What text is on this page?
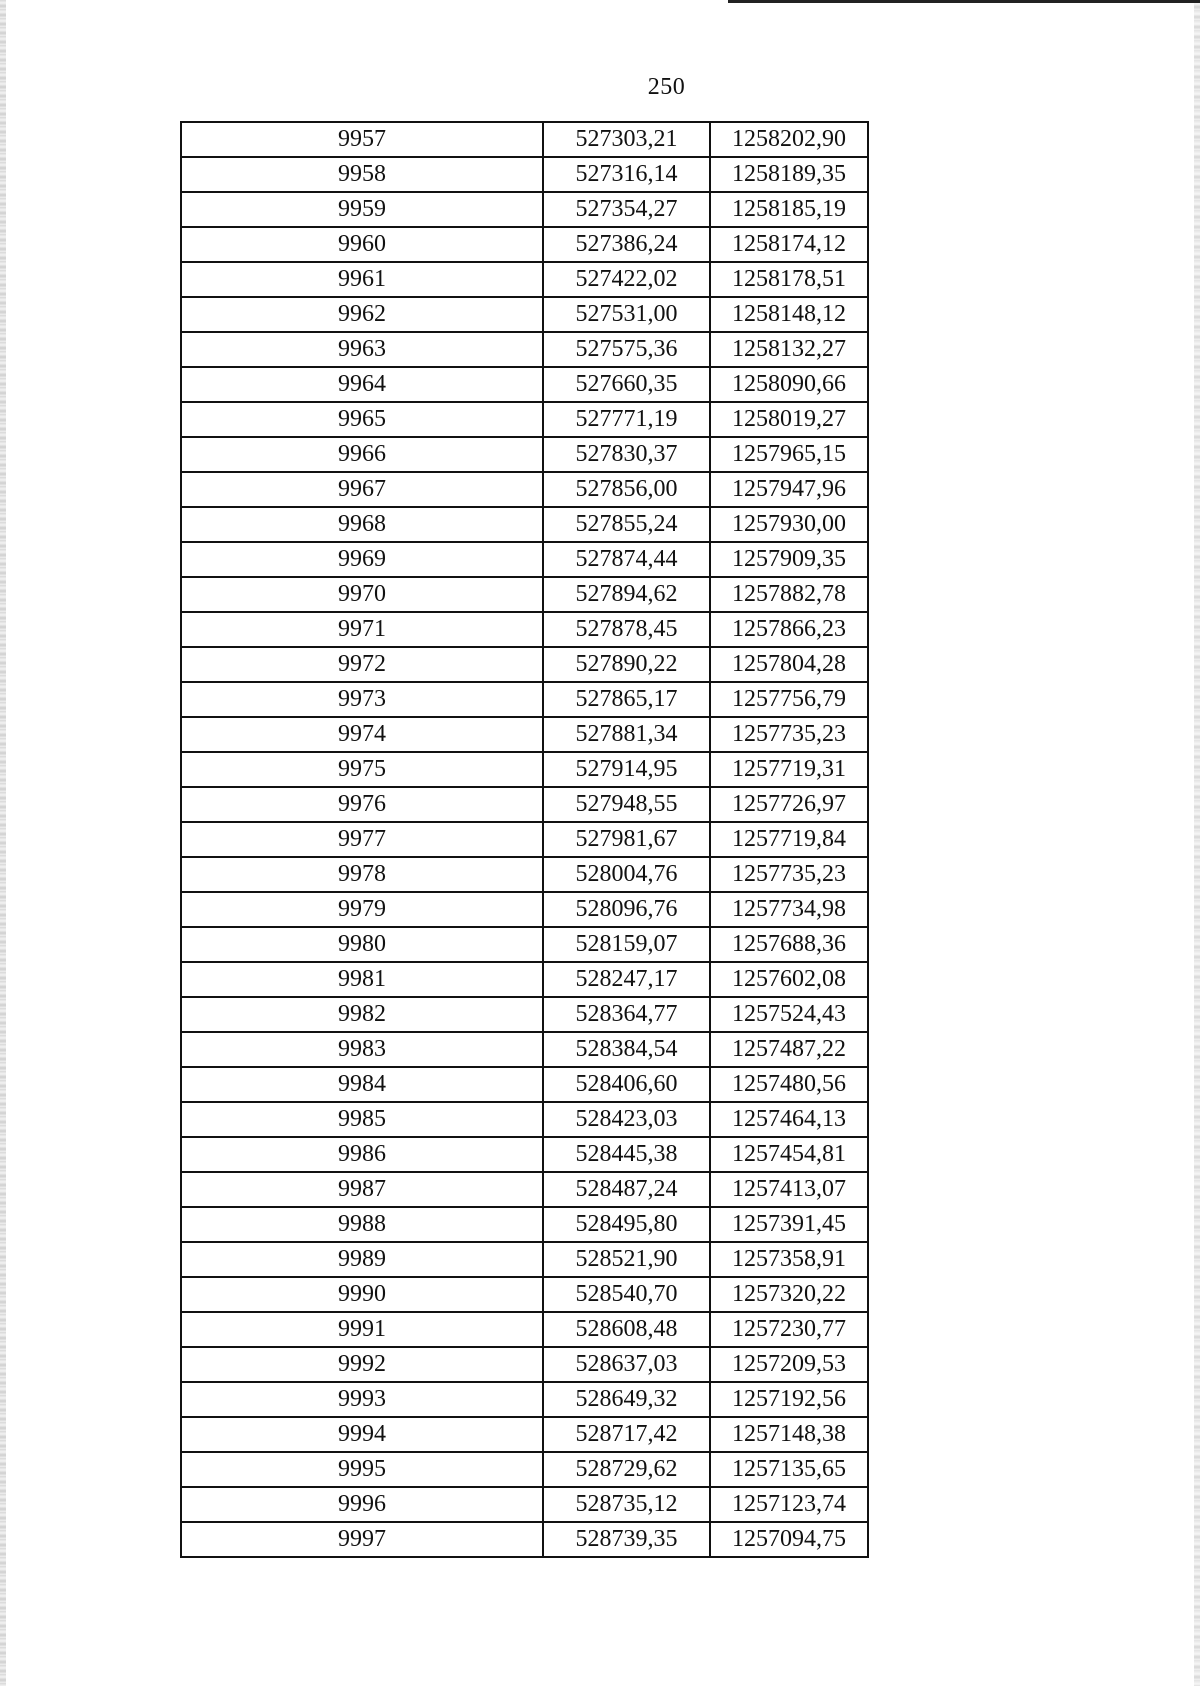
250
9957	527303,21	1258202,90
9958	527316,14	1258189,35
9959	527354,27	1258185,19
9960	527386,24	1258174,12
9961	527422,02	1258178,51
9962	527531,00	1258148,12
9963	527575,36	1258132,27
9964	527660,35	1258090,66
9965	527771,19	1258019,27
9966	527830,37	1257965,15
9967	527856,00	1257947,96
9968	527855,24	1257930,00
9969	527874,44	1257909,35
9970	527894,62	1257882,78
9971	527878,45	1257866,23
9972	527890,22	1257804,28
9973	527865,17	1257756,79
9974	527881,34	1257735,23
9975	527914,95	1257719,31
9976	527948,55	1257726,97
9977	527981,67	1257719,84
9978	528004,76	1257735,23
9979	528096,76	1257734,98
9980	528159,07	1257688,36
9981	528247,17	1257602,08
9982	528364,77	1257524,43
9983	528384,54	1257487,22
9984	528406,60	1257480,56
9985	528423,03	1257464,13
9986	528445,38	1257454,81
9987	528487,24	1257413,07
9988	528495,80	1257391,45
9989	528521,90	1257358,91
9990	528540,70	1257320,22
9991	528608,48	1257230,77
9992	528637,03	1257209,53
9993	528649,32	1257192,56
9994	528717,42	1257148,38
9995	528729,62	1257135,65
9996	528735,12	1257123,74
9997	528739,35	1257094,75
